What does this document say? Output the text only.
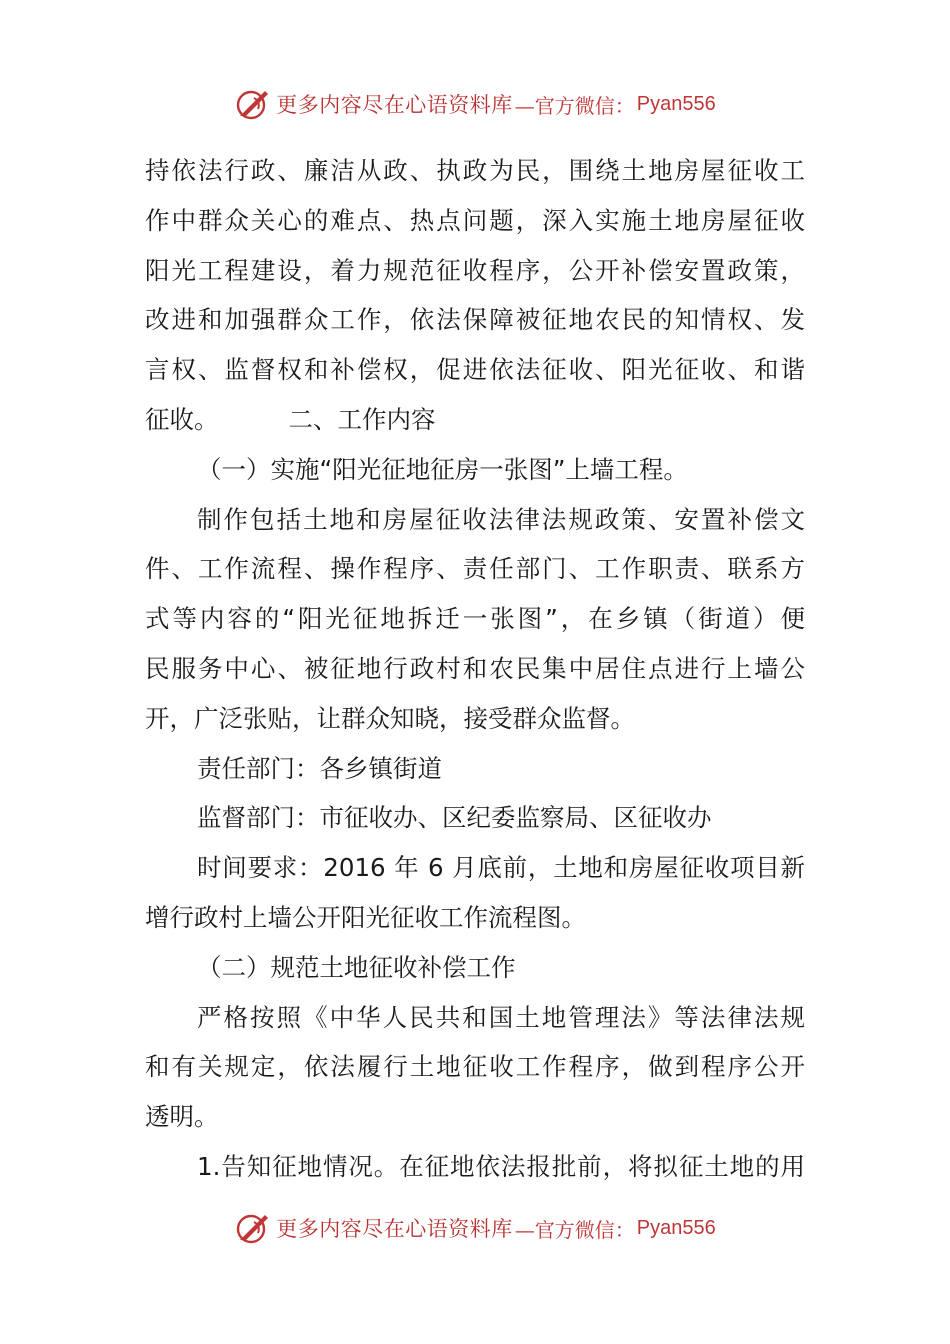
更多内容尽在心语资料库 —官方微信： Pyan556
持依法行政、廉洁从政、执政为民，围绕土地房屋征收工
作中群众关心的难点、热点问题，深入实施土地房屋征收
阳光工程建设，着力规范征收程序，公开补偿安置政策，
改进和加强群众工作，依法保障被征地农民的知情权、发
言权、监督权和补偿权，促进依法征收、阳光征收、和谐
征收。	二、工作内容
（一）实施“阳光征地征房一张图”上墙工程。
制作包括土地和房屋征收法律法规政策、安置补偿文
件、工作流程、操作程序、责任部门、工作职责、联系方
式等内容的“阳光征地拆迁一张图”，在乡镇（街道）便
民服务中心、被征地行政村和农民集中居住点进行上墙公
开，广泛张贴，让群众知晓，接受群众监督。
责任部门：各乡镇街道
监督部门：市征收办、区纪委监察局、区征收办
时间要求：2016 年 6 月底前，土地和房屋征收项目新
增行政村上墙公开阳光征收工作流程图。
（二）规范土地征收补偿工作
严格按照《中华人民共和国土地管理法》等法律法规
和有关规定，依法履行土地征收工作程序，做到程序公开
透明。
1.告知征地情况。在征地依法报批前，将拟征土地的用
更多内容尽在心语资料库 —官方微信： Pyan556
